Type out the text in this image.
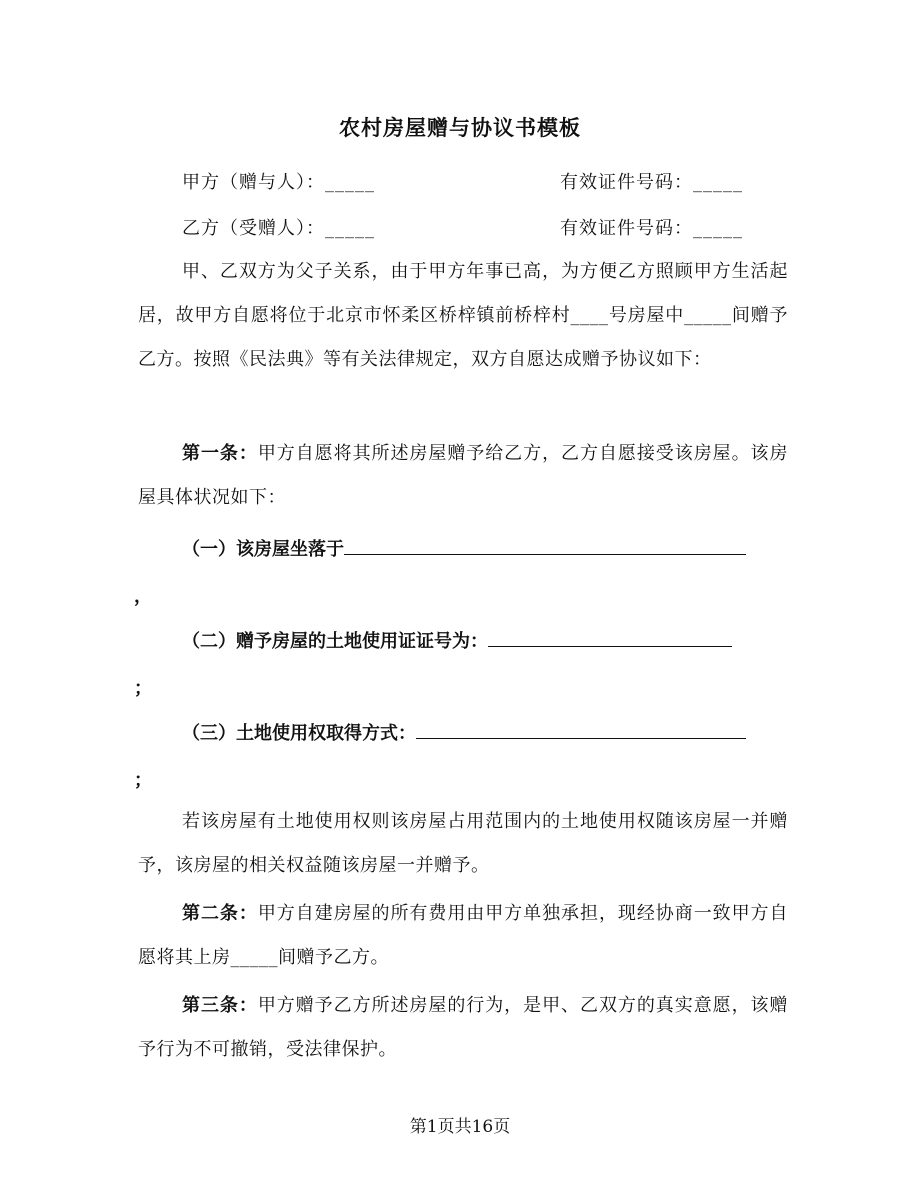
农村房屋赠与协议书模板
甲方（赠与人）：_____	有效证件号码：_____
乙方（受赠人）：_____	有效证件号码：_____
甲、乙双方为父子关系，由于甲方年事已高，为方便乙方照顾甲方生活起居，故甲方自愿将位于北京市怀柔区桥梓镇前桥梓村____号房屋中_____间赠予乙方。按照《民法典》等有关法律规定，双方自愿达成赠予协议如下：
第一条：甲方自愿将其所述房屋赠予给乙方，乙方自愿接受该房屋。该房屋具体状况如下：
（一）该房屋坐落于
，
（二）赠予房屋的土地使用证证号为：
；
（三）土地使用权取得方式：
；
若该房屋有土地使用权则该房屋占用范围内的土地使用权随该房屋一并赠予，该房屋的相关权益随该房屋一并赠予。
第二条：甲方自建房屋的所有费用由甲方单独承担，现经协商一致甲方自愿将其上房_____间赠予乙方。
第三条：甲方赠予乙方所述房屋的行为，是甲、乙双方的真实意愿，该赠予行为不可撤销，受法律保护。
第1页共16页
